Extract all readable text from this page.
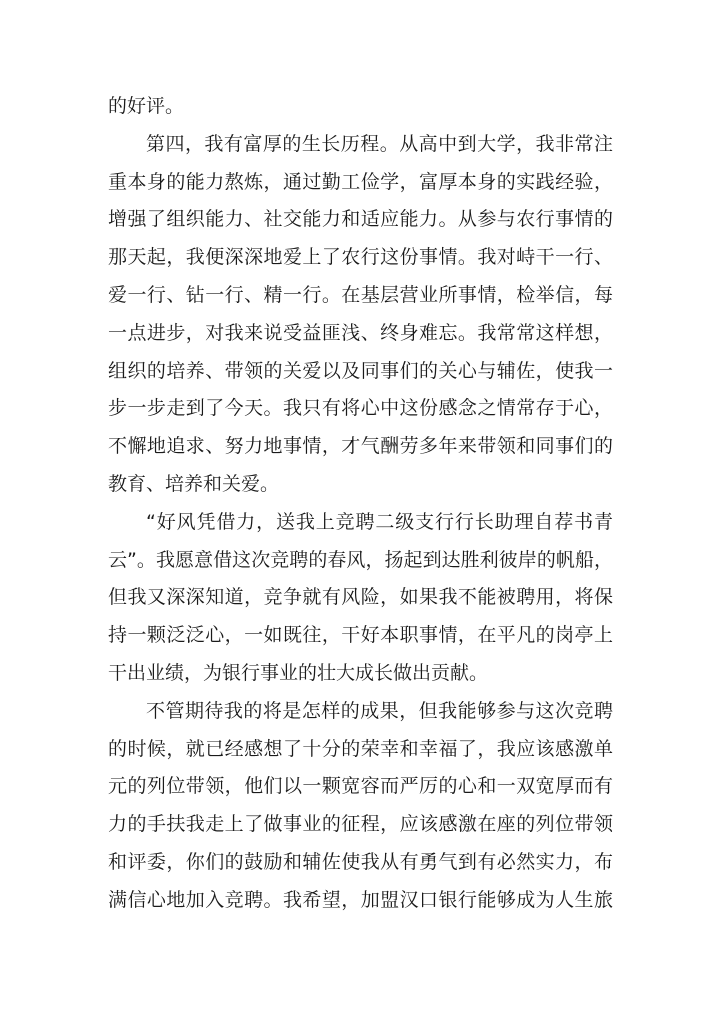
的好评。
第四，我有富厚的生长历程。从高中到大学，我非常注
重本身的能力熬炼，通过勤工俭学，富厚本身的实践经验，
增强了组织能力、社交能力和适应能力。从参与农行事情的
那天起，我便深深地爱上了农行这份事情。我对峙干一行、
爱一行、钻一行、精一行。在基层营业所事情，检举信，每
一点进步，对我来说受益匪浅、终身难忘。我常常这样想，
组织的培养、带领的关爱以及同事们的关心与辅佐，使我一
步一步走到了今天。我只有将心中这份感念之情常存于心，
不懈地追求、努力地事情，才气酬劳多年来带领和同事们的
教育、培养和关爱。
“好风凭借力，送我上竞聘二级支行行长助理自荐书青
云”。我愿意借这次竞聘的春风，扬起到达胜利彼岸的帆船，
但我又深深知道，竞争就有风险，如果我不能被聘用，将保
持一颗泛泛心，一如既往，干好本职事情，在平凡的岗亭上
干出业绩，为银行事业的壮大成长做出贡献。
不管期待我的将是怎样的成果，但我能够参与这次竞聘
的时候，就已经感想了十分的荣幸和幸福了，我应该感激单
元的列位带领，他们以一颗宽容而严厉的心和一双宽厚而有
力的手扶我走上了做事业的征程，应该感激在座的列位带领
和评委，你们的鼓励和辅佐使我从有勇气到有必然实力，布
满信心地加入竞聘。我希望，加盟汉口银行能够成为人生旅
